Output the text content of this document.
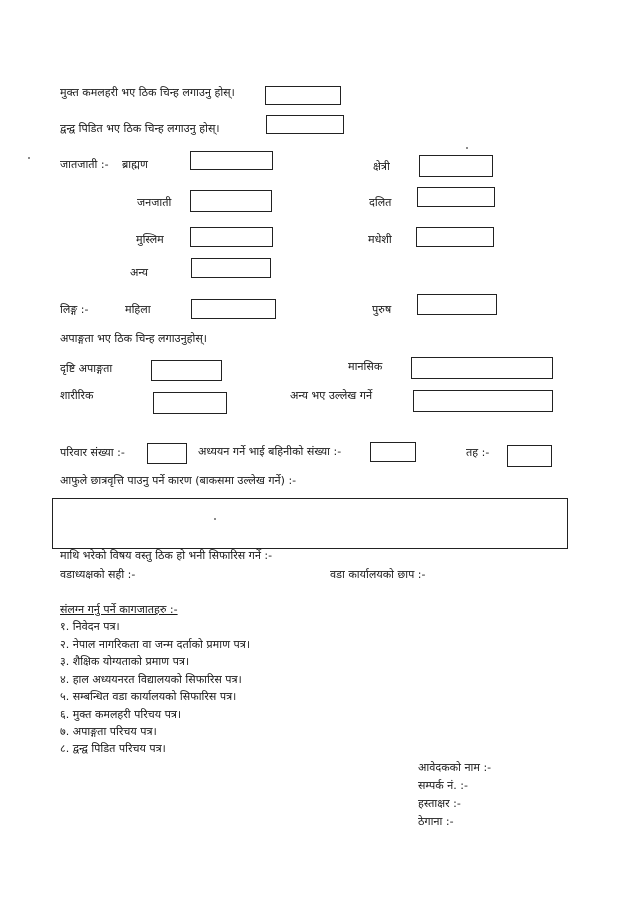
मुक्त कमलहरी भए ठिक चिन्ह लगाउनु होस्।
द्वन्द्व पिडित भए ठिक चिन्ह लगाउनु होस्।
जातजाती :- ब्राह्मण	क्षेत्री
जनजाती	दलित
मुस्लिम	मधेशी
अन्य
लिङ्ग :-	महिला	पुरुष
अपाङ्गता भए ठिक चिन्ह लगाउनुहोस्।
दृष्टि अपाङ्गता	मानसिक
शारीरिक	अन्य भए उल्लेख गर्ने
परिवार संख्या :-	अध्ययन गर्ने भाई बहिनीको संख्या :-	तह :-
आफुले छात्रवृत्ति पाउनु पर्ने कारण (बाकसमा उल्लेख गर्ने) :-
माथि भरेको विषय वस्तु ठिक हो भनी सिफारिस गर्ने :-
वडाध्यक्षको सही :-	वडा कार्यालयको छाप :-
संलग्न गर्नु पर्ने कागजातहरु :-
१. निवेदन पत्र।
२. नेपाल नागरिकता वा जन्म दर्ताको प्रमाण पत्र।
३. शैक्षिक योग्यताको प्रमाण पत्र।
४. हाल अध्ययनरत विद्यालयको सिफारिस पत्र।
५. सम्बन्धित वडा कार्यालयको सिफारिस पत्र।
६. मुक्त कमलहरी परिचय पत्र।
७. अपाङ्गता परिचय पत्र।
८. द्वन्द्व पिडित परिचय पत्र।
आवेदकको नाम :-
सम्पर्क नं. :-
हस्ताक्षर :-
ठेगाना :-
